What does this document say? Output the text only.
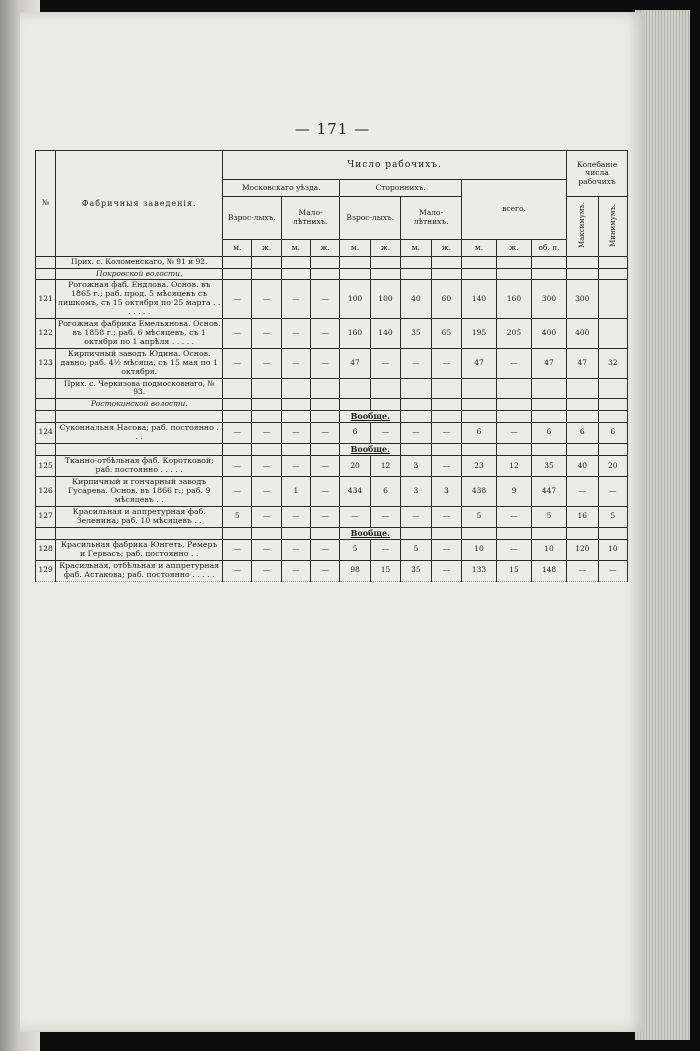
— 171 —
№	Фабричныя заведенія.	Число рабочихъ.											Колебаніе числа рабочихъ	
		Московскаго уѣзда.				Стороннихъ.				всего.				
		Взрос-лыхъ.		Мало-лѣтнихъ.		Взрос-лыхъ.		Мало-лѣтнихъ.					Максимумъ.	Минимумъ.
		м.	ж.	м.	ж.	м.	ж.	м.	ж.	м.	ж.	об. п.		
	Прих. с. Коломенскаго, № 91 и 92.													
	Покровской волости.													
121	Рогожная фаб. Ендлова. Основ. въ 1865 г.; раб. прод. 5 мѣсяцевъ съ лишкомъ, съ 15 октября по 25 марта . . . . . . .	—	—	—	—	100	100	40	60	140	160	300	300	
122	Рогожная фабрика Емельянова. Основ. въ 1858 г.; раб. 6 мѣсяцевъ, съ 1 октября по 1 апрѣля . . . . .	—	—	—	—	160	140	35	65	195	205	400	400	
123	Кирпичный заводъ Юдина. Основ. давно; раб. 4½ мѣсяца, съ 15 мая по 1 октября.	—	—	—	—	47	—	—	—	47	—	47	47	32
	Прих. с. Черкизова подмосковнаго, № 93.													
	Ростокинской волости.													
						Вообще.								
124	Суконнальня Насова; раб. постоянно . . .	—	—	—	—	6	—	—	—	6	—	6	6	6
						Вообще.								
125	Тканно-отбѣльная фаб. Коротковой; раб. постоянно . . . . .	—	—	—	—	20	12	3	—	23	12	35	40	20
126	Кирпичный и гончарный заводъ Гусарева. Основ. въ 1866 г.; раб. 9 мѣсяцевъ . .	—	—	1	—	434	6	3	3	438	9	447	—	—
127	Красильная и аппретурная фаб. Зеленина; раб. 10 мѣсяцевъ . .	5	—	—	—	—	—	—	—	5	—	5	16	5
						Вообще.								
128	Красильная фабрика Юнгеть, Ремеръ и Гервасъ; раб. постоянно . .	—	—	—	—	5	—	5	—	10	—	10	120	10
129	Красильная, отбѣльная и аппретурная фаб. Астакова; раб. постоянно . . . . .	—	—	—	—	98	15	35	—	133	15	148	—	—
